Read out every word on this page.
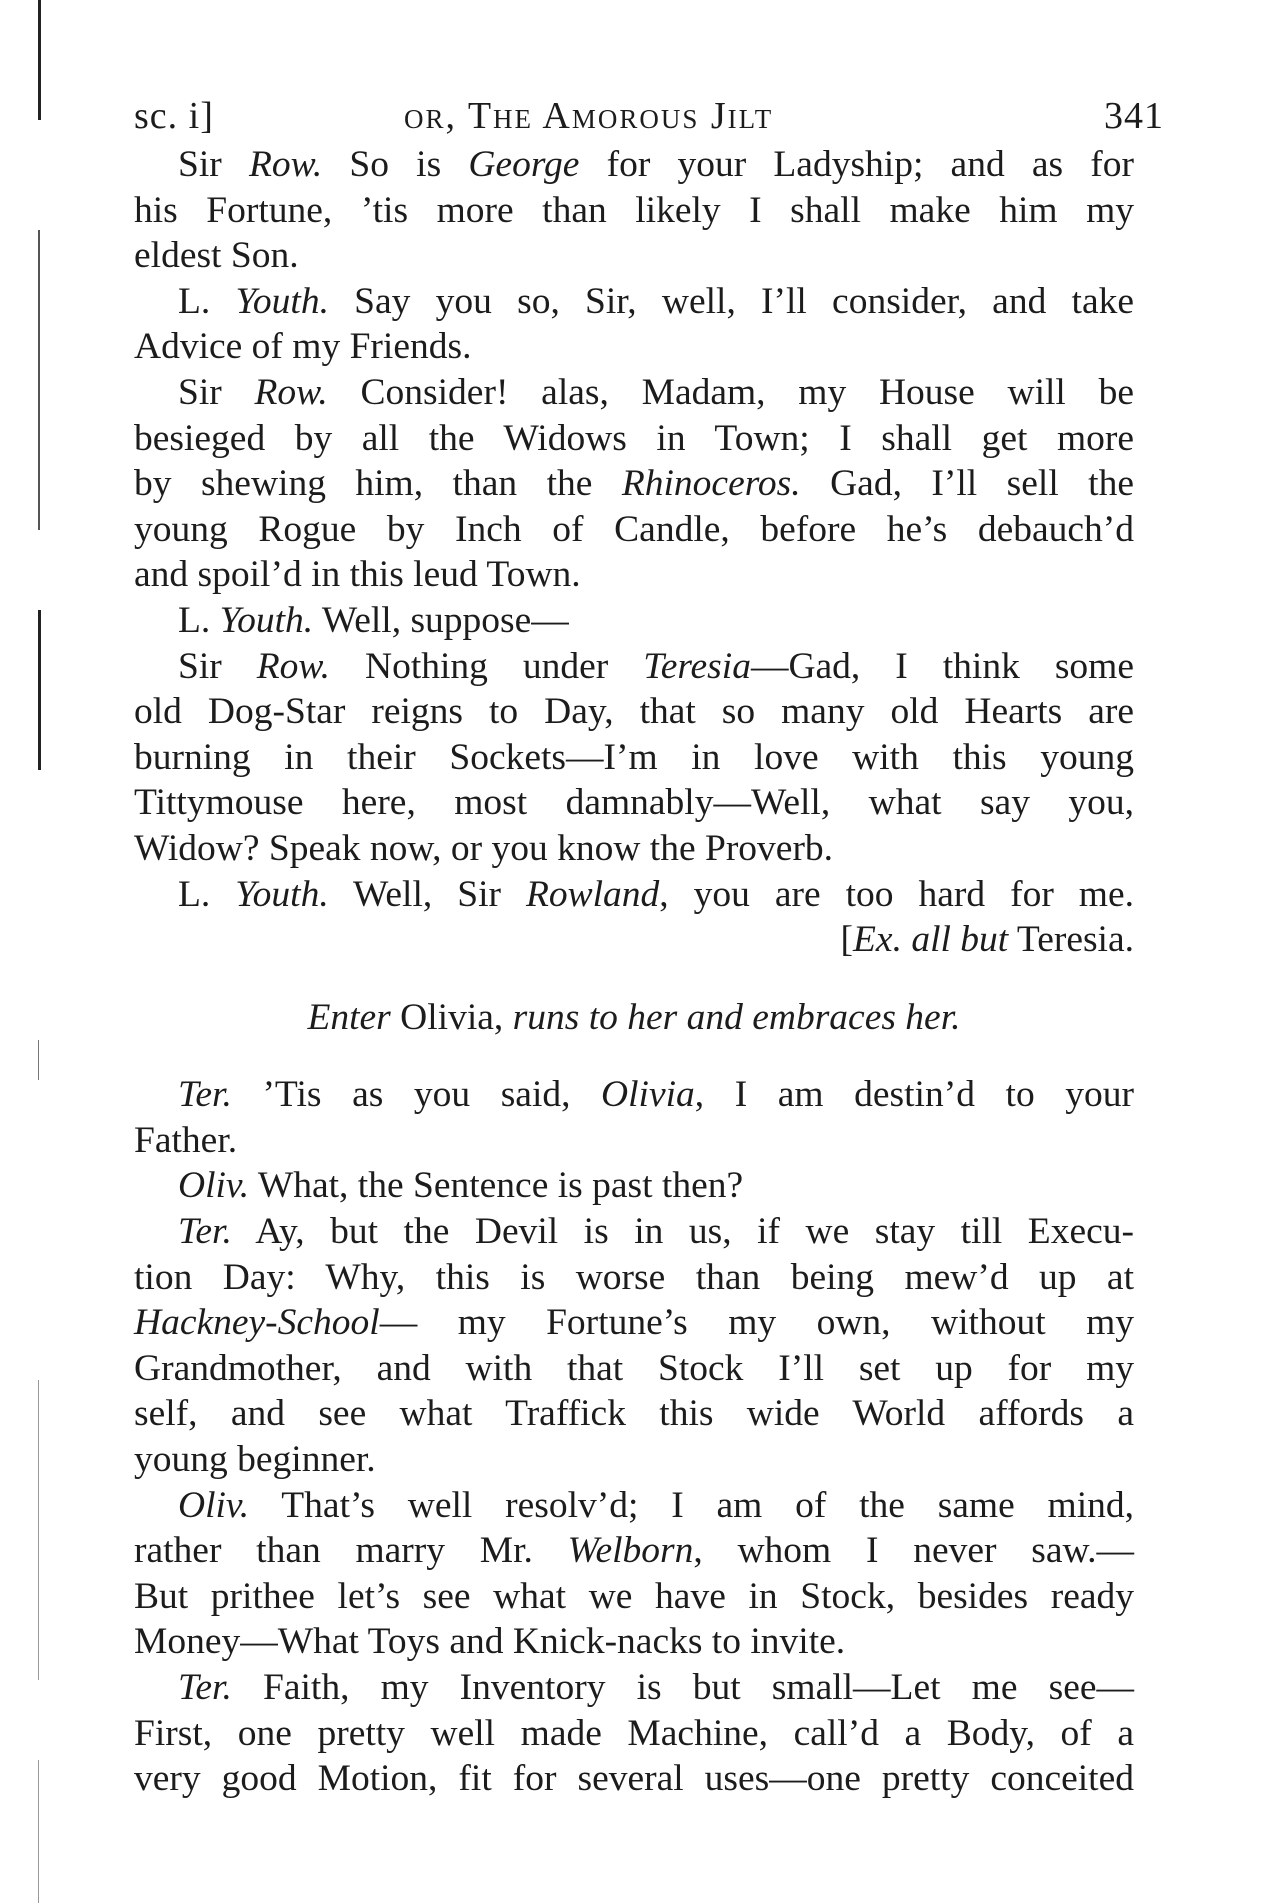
sc. i]	or, The Amorous Jilt	341
Sir Row. So is George for your Ladyship; and as for
his Fortune, ’tis more than likely I shall make him my
eldest Son.
L. Youth. Say you so, Sir, well, I’ll consider, and take
Advice of my Friends.
Sir Row. Consider! alas, Madam, my House will be
besieged by all the Widows in Town; I shall get more
by shewing him, than the Rhinoceros. Gad, I’ll sell the
young Rogue by Inch of Candle, before he’s debauch’d
and spoil’d in this leud Town.
L. Youth. Well, suppose—
Sir Row. Nothing under Teresia—Gad, I think some
old Dog-Star reigns to Day, that so many old Hearts are
burning in their Sockets—I’m in love with this young
Tittymouse here, most damnably—Well, what say you,
Widow? Speak now, or you know the Proverb.
L. Youth. Well, Sir Rowland, you are too hard for me.
[Ex. all but Teresia.
Enter Olivia, runs to her and embraces her.
Ter. ’Tis as you said, Olivia, I am destin’d to your
Father.
Oliv. What, the Sentence is past then?
Ter. Ay, but the Devil is in us, if we stay till Execu-
tion Day: Why, this is worse than being mew’d up at
Hackney-School— my Fortune’s my own, without my
Grandmother, and with that Stock I’ll set up for my
self, and see what Traffick this wide World affords a
young beginner.
Oliv. That’s well resolv’d; I am of the same mind,
rather than marry Mr. Welborn, whom I never saw.—
But prithee let’s see what we have in Stock, besides ready
Money—What Toys and Knick-nacks to invite.
Ter. Faith, my Inventory is but small—Let me see—
First, one pretty well made Machine, call’d a Body, of a
very good Motion, fit for several uses—one pretty conceited
